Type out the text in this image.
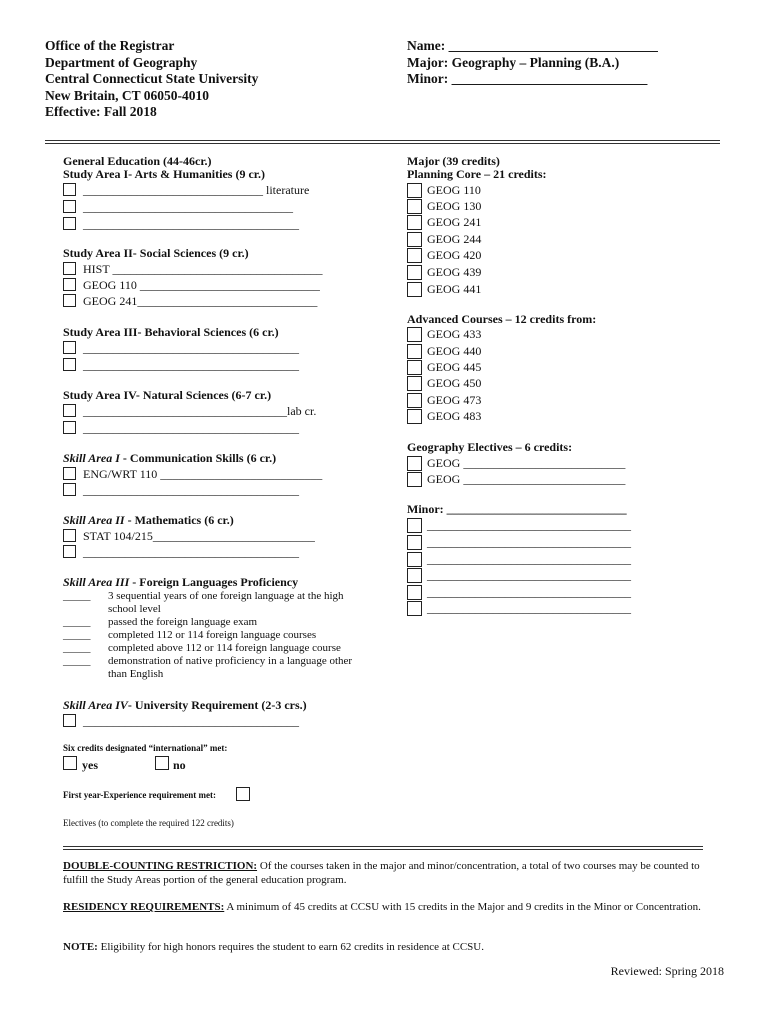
Office of the Registrar
Department of Geography
Central Connecticut State University
New Britain, CT 06050-4010
Effective: Fall 2018
Name: _______________________________
Major: Geography – Planning (B.A.)
Minor: _____________________________
General Education (44-46cr.)
Study Area I- Arts & Humanities (9 cr.)
______________________________ literature
___________________________________
____________________________________
Study Area II- Social Sciences (9 cr.)
HIST ___________________________________
GEOG 110 ______________________________
GEOG 241______________________________
Study Area III- Behavioral Sciences (6 cr.)
____________________________________
____________________________________
Study Area IV- Natural Sciences (6-7 cr.)
__________________________________lab cr.
____________________________________
Skill Area I - Communication Skills (6 cr.)
ENG/WRT 110 ___________________________
____________________________________
Skill Area II - Mathematics (6 cr.)
STAT 104/215___________________________
____________________________________
Skill Area III - Foreign Languages Proficiency
_____ 3 sequential years of one foreign language at the high school level
_____ passed the foreign language exam
_____ completed 112 or 114 foreign language courses
_____ completed above 112 or 114 foreign language course
_____ demonstration of native proficiency in a language other than English
Skill Area IV- University Requirement (2-3 crs.)
____________________________________
Six credits designated “international” met:
yes	no
First year-Experience requirement met:
Electives (to complete the required 122 credits)
Major (39 credits)
Planning Core – 21 credits:
GEOG 110
GEOG 130
GEOG 241
GEOG 244
GEOG 420
GEOG 439
GEOG 441
Advanced Courses – 12 credits from:
GEOG 433
GEOG 440
GEOG 445
GEOG 450
GEOG 473
GEOG 483
Geography Electives – 6 credits:
GEOG ___________________________
GEOG ___________________________
Minor: ______________________________
__________________________________
__________________________________
__________________________________
__________________________________
__________________________________
__________________________________
DOUBLE-COUNTING RESTRICTION: Of the courses taken in the major and minor/concentration, a total of two courses may be counted to fulfill the Study Areas portion of the general education program.
RESIDENCY REQUIREMENTS: A minimum of 45 credits at CCSU with 15 credits in the Major and 9 credits in the Minor or Concentration.
NOTE: Eligibility for high honors requires the student to earn 62 credits in residence at CCSU.
Reviewed: Spring 2018
